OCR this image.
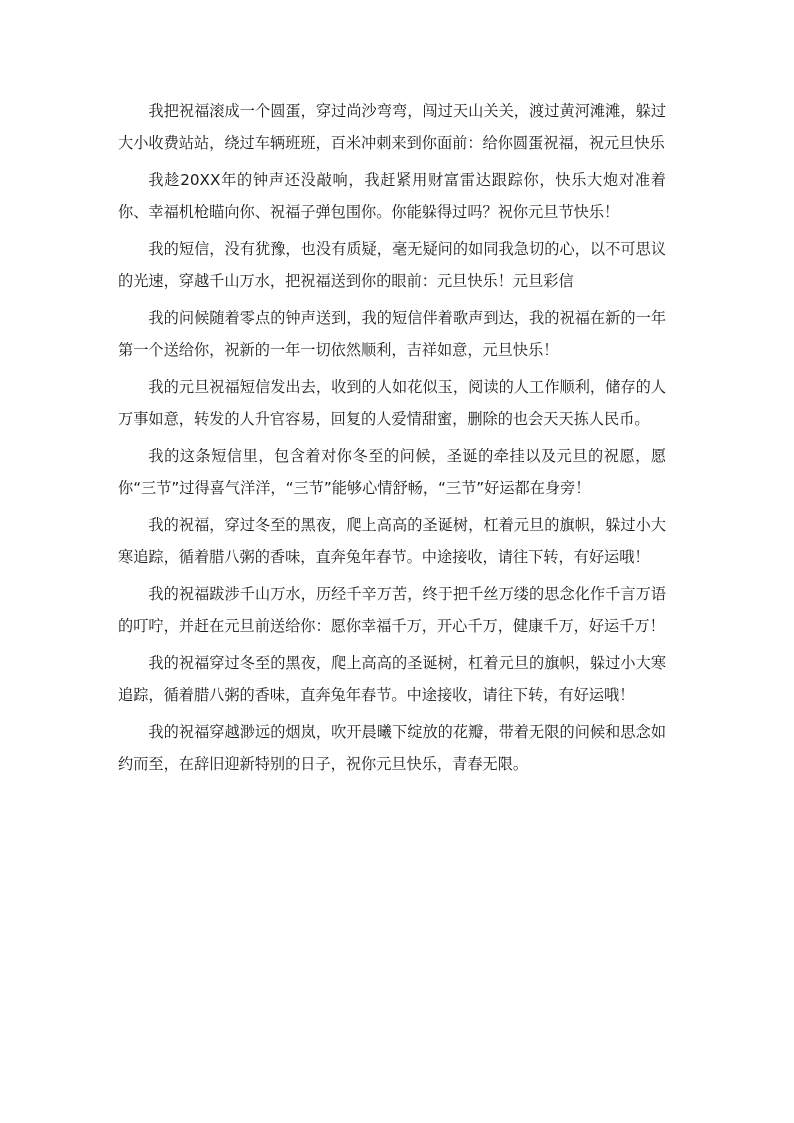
我把祝福滚成一个圆蛋，穿过尚沙弯弯，闯过天山关关，渡过黄河滩滩，躲过大小收费站站，绕过车辆班班，百米冲刺来到你面前：给你圆蛋祝福，祝元旦快乐

我趁20XX年的钟声还没敲响，我赶紧用财富雷达跟踪你，快乐大炮对准着你、幸福机枪瞄向你、祝福子弹包围你。你能躲得过吗？祝你元旦节快乐！

我的短信，没有犹豫，也没有质疑，毫无疑问的如同我急切的心，以不可思议的光速，穿越千山万水，把祝福送到你的眼前：元旦快乐！元旦彩信

我的问候随着零点的钟声送到，我的短信伴着歌声到达，我的祝福在新的一年第一个送给你，祝新的一年一切依然顺利，吉祥如意，元旦快乐！

我的元旦祝福短信发出去，收到的人如花似玉，阅读的人工作顺利，储存的人万事如意，转发的人升官容易，回复的人爱情甜蜜，删除的也会天天拣人民币。

我的这条短信里，包含着对你冬至的问候，圣诞的牵挂以及元旦的祝愿，愿你“三节”过得喜气洋洋，“三节”能够心情舒畅，“三节”好运都在身旁！

我的祝福，穿过冬至的黑夜，爬上高高的圣诞树，杠着元旦的旗帜，躲过小大寒追踪，循着腊八粥的香味，直奔兔年春节。中途接收，请往下转，有好运哦！

我的祝福跋涉千山万水，历经千辛万苦，终于把千丝万缕的思念化作千言万语的叮咛，并赶在元旦前送给你：愿你幸福千万，开心千万，健康千万，好运千万！

我的祝福穿过冬至的黑夜，爬上高高的圣诞树，杠着元旦的旗帜，躲过小大寒追踪，循着腊八粥的香味，直奔兔年春节。中途接收，请往下转，有好运哦！

我的祝福穿越渺远的烟岚，吹开晨曦下绽放的花瓣，带着无限的问候和思念如约而至，在辞旧迎新特别的日子，祝你元旦快乐，青春无限。
